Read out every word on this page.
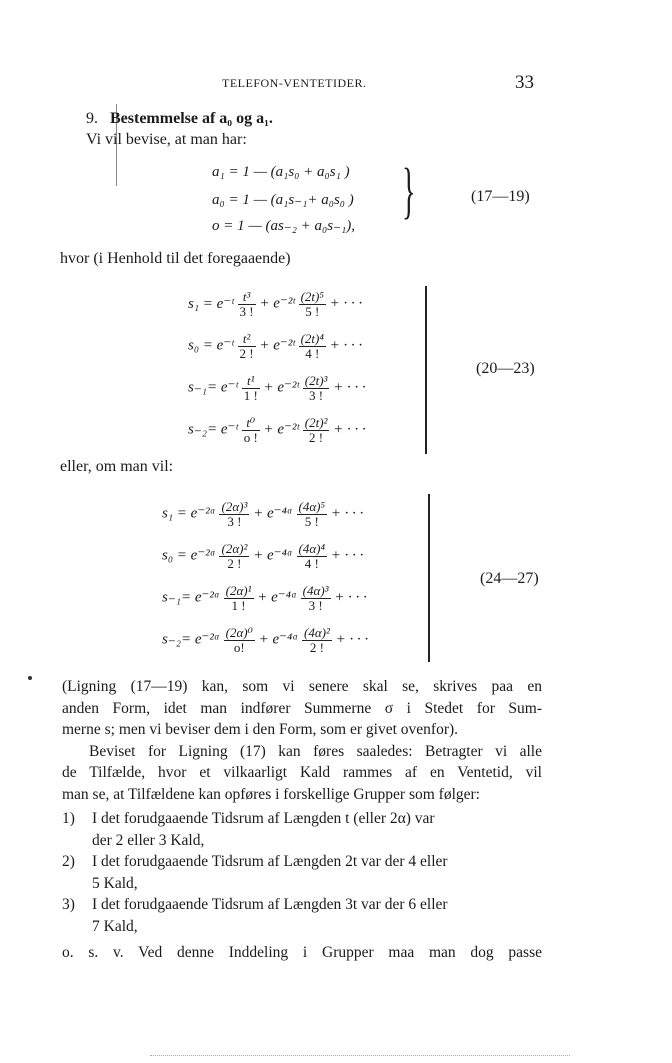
TELEFON-VENTETIDER.	33
9. Bestemmelse af a₀ og a₁.
Vi vil bevise, at man har:
a₁ = 1 — (a₁s₀ + a₀s₁ )
a₀ = 1 — (a₁s₋₁+ a₀s₀ )
o = 1 — (as₋₂ + a₀s₋₁),
}	(17—19)
hvor (i Henhold til det foregaaende)
s₁ = e⁻ᵗ $\frac{\text{t³}}{3 !}$ + e⁻²ᵗ $\frac{\text{(2t)⁵}}{5 !}$ + · · ·
s₀ = e⁻ᵗ $\frac{\text{t²}}{2 !}$ + e⁻²ᵗ $\frac{\text{(2t)⁴}}{4 !}$ + · · ·
s₋₁= e⁻ᵗ $\frac{\text{t¹}}{1 !}$ + e⁻²ᵗ $\frac{\text{(2t)³}}{3 !}$ + · · ·
s₋₂= e⁻ᵗ $\frac{\text{t⁰}}{o !}$ + e⁻²ᵗ $\frac{\text{(2t)²}}{2 !}$ + · · ·
(20—23)
eller, om man vil:
s₁ = e⁻²ᵅ $\frac{\text{(2α)³}}{3 !}$ + e⁻⁴ᵅ $\frac{\text{(4α)⁵}}{5 !}$ + · · ·
s₀ = e⁻²ᵅ $\frac{\text{(2α)²}}{2 !}$ + e⁻⁴ᵅ $\frac{\text{(4α)⁴}}{4 !}$ + · · ·
s₋₁= e⁻²ᵅ $\frac{\text{(2α)¹}}{1 !}$ + e⁻⁴ᵅ $\frac{\text{(4α)³}}{3 !}$ + · · ·
s₋₂= e⁻²ᵅ $\frac{\text{(2α)⁰}}{o!}$ + e⁻⁴ᵅ $\frac{\text{(4α)²}}{2 !}$ + · · ·
(24—27)
(Ligning (17—19) kan, som vi senere skal se, skrives paa en
anden Form, idet man indfører Summerne σ i Stedet for Sum-
merne s; men vi beviser dem i den Form, som er givet ovenfor).
Beviset for Ligning (17) kan føres saaledes: Betragter vi alle
de Tilfælde, hvor et vilkaarligt Kald rammes af en Ventetid, vil
man se, at Tilfældene kan opføres i forskellige Grupper som følger:
1) I det forudgaaende Tidsrum af Længden t (eller 2α) var
der 2 eller 3 Kald,
2) I det forudgaaende Tidsrum af Længden 2t var der 4 eller
5 Kald,
3) I det forudgaaende Tidsrum af Længden 3t var der 6 eller
7 Kald,
o. s. v. Ved denne Inddeling i Grupper maa man dog passe
